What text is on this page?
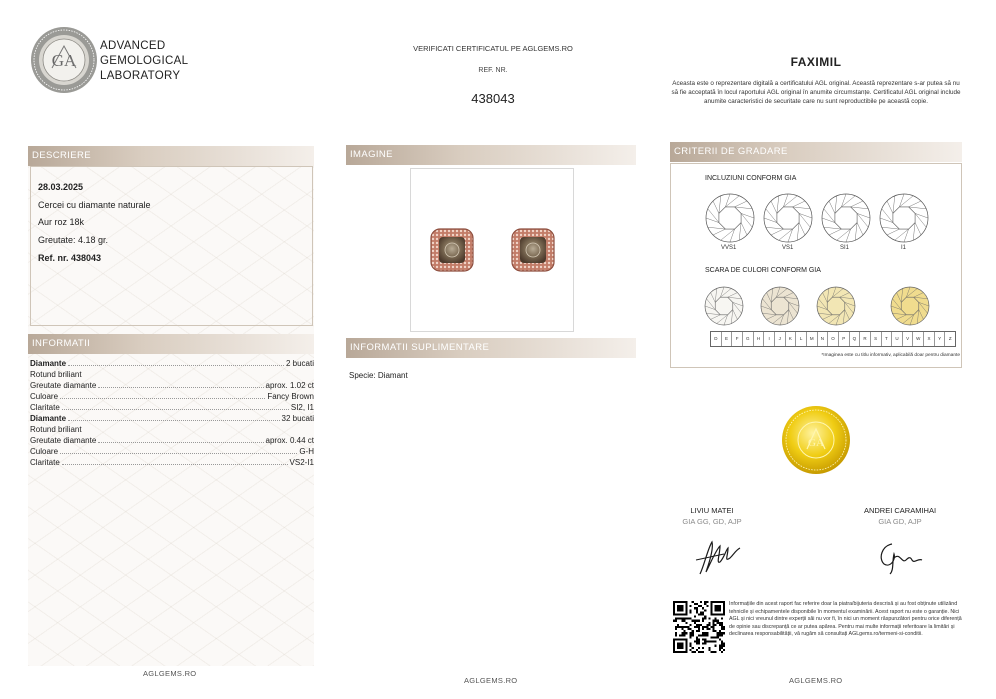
GA
ADVANCED
GEMOLOGICAL
LABORATORY
VERIFICATI CERTIFICATUL PE AGLGEMS.RO
REF. NR.
438043
FAXIMIL
Aceasta este o reprezentare digitală a certificatului AGL original. Această reprezentare s-ar putea să nu să fie acceptată în locul raportului AGL original în anumite circumstanțe. Certificatul AGL original include anumite caracteristici de securitate care nu sunt reproductibile pe această copie.
DESCRIERE
28.03.2025
Cercei cu diamante naturale
Aur roz 18k
Greutate: 4.18 gr.
Ref. nr. 438043
INFORMATII
Diamante	2 bucati
Rotund briliant
Greutate diamante	aprox. 1.02 ct
Culoare	Fancy Brown
Claritate	SI2, I1
Diamante	32 bucati
Rotund briliant
Greutate diamante	aprox. 0.44 ct
Culoare	G-H
Claritate	VS2-I1
AGLGEMS.RO
IMAGINE
INFORMATII SUPLIMENTARE
Specie: Diamant
AGLGEMS.RO
CRITERII DE GRADARE
INCLUZIUNI CONFORM GIA
VVS1	VS1	SI1	I1
SCARA DE CULORI CONFORM GIA
D	E	F	G	H	I	J	K	L	M	N	O	P	Q	R	S	T	U	V	W	X	Y	Z
*Imaginea este cu titlu informativ, aplicabilă doar pentru diamante
GA
LIVIU MATEI
GIA GG, GD, AJP
ANDREI CARAMIHAI
GIA GD, AJP
Informațiile din acest raport fac referire doar la piatra/bijuteria descrisă și au fost obținute utilizând tehnicile și echipamentele disponibile în momentul examinării. Acest raport nu este o garanție. Nici AGL și nici vreunul dintre experții săi nu vor fi, în nici un moment răspunzători pentru orice diferență de opinie sau discrepanță ce ar putea apărea. Pentru mai multe informații referitoare la limitări și declinarea responsabilității, vă rugăm să consultați AGLgems.ro/termeni-si-conditii.
AGLGEMS.RO
